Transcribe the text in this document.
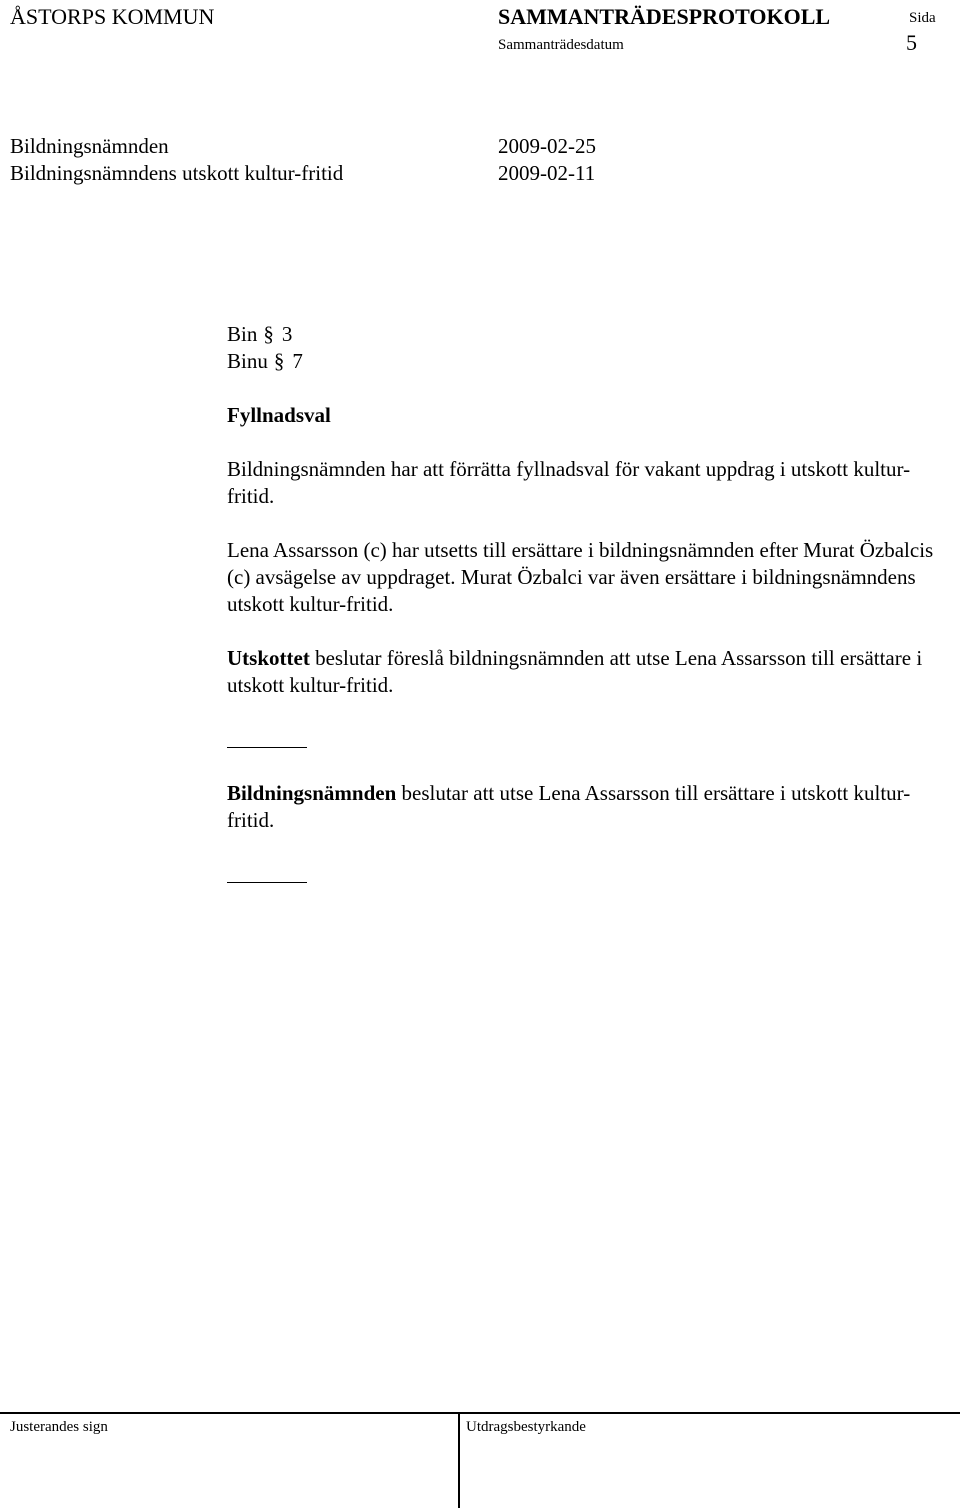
ÅSTORPS KOMMUN	SAMMANTRÄDESPROTOKOLL	Sida
Sammanträdesdatum	5
Bildningsnämnden	2009-02-25
Bildningsnämndens utskott kultur-fritid	2009-02-11
Bin § 3
Binu § 7
Fyllnadsval
Bildningsnämnden har att förrätta fyllnadsval för vakant uppdrag i utskott kultur-fritid.
Lena Assarsson (c) har utsetts till ersättare i bildningsnämnden efter Murat Özbalcis (c) avsägelse av uppdraget. Murat Özbalci var även ersättare i bildningsnämndens utskott kultur-fritid.
Utskottet beslutar föreslå bildningsnämnden att utse Lena Assarsson till ersättare i utskott kultur-fritid.
Bildningsnämnden beslutar att utse Lena Assarsson till ersättare i utskott kultur-fritid.
Justerandes sign	Utdragsbestyrkande
